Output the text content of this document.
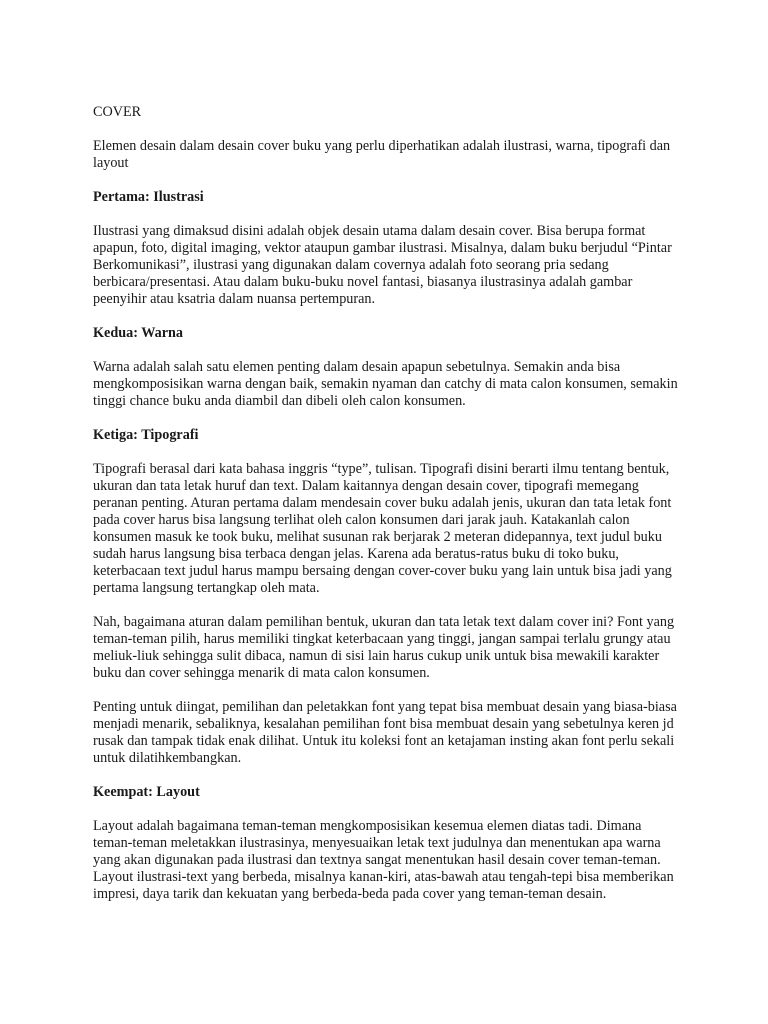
COVER

Elemen desain dalam desain cover buku yang perlu diperhatikan adalah ilustrasi, warna, tipografi dan layout

Pertama: Ilustrasi

Ilustrasi yang dimaksud disini adalah objek desain utama dalam desain cover. Bisa berupa format apapun, foto, digital imaging, vektor ataupun gambar ilustrasi. Misalnya, dalam buku berjudul “Pintar Berkomunikasi”, ilustrasi yang digunakan dalam covernya adalah foto seorang pria sedang berbicara/presentasi. Atau dalam buku-buku novel fantasi, biasanya ilustrasinya adalah gambar peenyihir atau ksatria dalam nuansa pertempuran.

Kedua: Warna

Warna adalah salah satu elemen penting dalam desain apapun sebetulnya. Semakin anda bisa mengkomposisikan warna dengan baik, semakin nyaman dan catchy di mata calon konsumen, semakin tinggi chance buku anda diambil dan dibeli oleh calon konsumen.

Ketiga: Tipografi

Tipografi berasal dari kata bahasa inggris “type”, tulisan. Tipografi disini berarti ilmu tentang bentuk, ukuran dan tata letak huruf dan text. Dalam kaitannya dengan desain cover, tipografi memegang peranan penting. Aturan pertama dalam mendesain cover buku adalah jenis, ukuran dan tata letak font pada cover harus bisa langsung terlihat oleh calon konsumen dari jarak jauh. Katakanlah calon konsumen masuk ke took buku, melihat susunan rak berjarak 2 meteran didepannya, text judul buku sudah harus langsung bisa terbaca dengan jelas. Karena ada beratus-ratus buku di toko buku, keterbacaan text judul harus mampu bersaing dengan cover-cover buku yang lain untuk bisa jadi yang pertama langsung tertangkap oleh mata.

Nah, bagaimana aturan dalam pemilihan bentuk, ukuran dan tata letak text dalam cover ini? Font yang teman-teman pilih, harus memiliki tingkat keterbacaan yang tinggi, jangan sampai terlalu grungy atau meliuk-liuk sehingga sulit dibaca, namun di sisi lain harus cukup unik untuk bisa mewakili karakter buku dan cover sehingga menarik di mata calon konsumen.

Penting untuk diingat, pemilihan dan peletakkan font yang tepat bisa membuat desain yang biasa-biasa menjadi menarik, sebaliknya, kesalahan pemilihan font bisa membuat desain yang sebetulnya keren jd rusak dan tampak tidak enak dilihat. Untuk itu koleksi font an ketajaman insting akan font perlu sekali untuk dilatihkembangkan.

Keempat: Layout

Layout adalah bagaimana teman-teman mengkomposisikan kesemua elemen diatas tadi. Dimana teman-teman meletakkan ilustrasinya, menyesuaikan letak text judulnya dan menentukan apa warna yang akan digunakan pada ilustrasi dan textnya sangat menentukan hasil desain cover teman-teman. Layout ilustrasi-text yang berbeda, misalnya kanan-kiri, atas-bawah atau tengah-tepi bisa memberikan impresi, daya tarik dan kekuatan yang berbeda-beda pada cover yang teman-teman desain.
